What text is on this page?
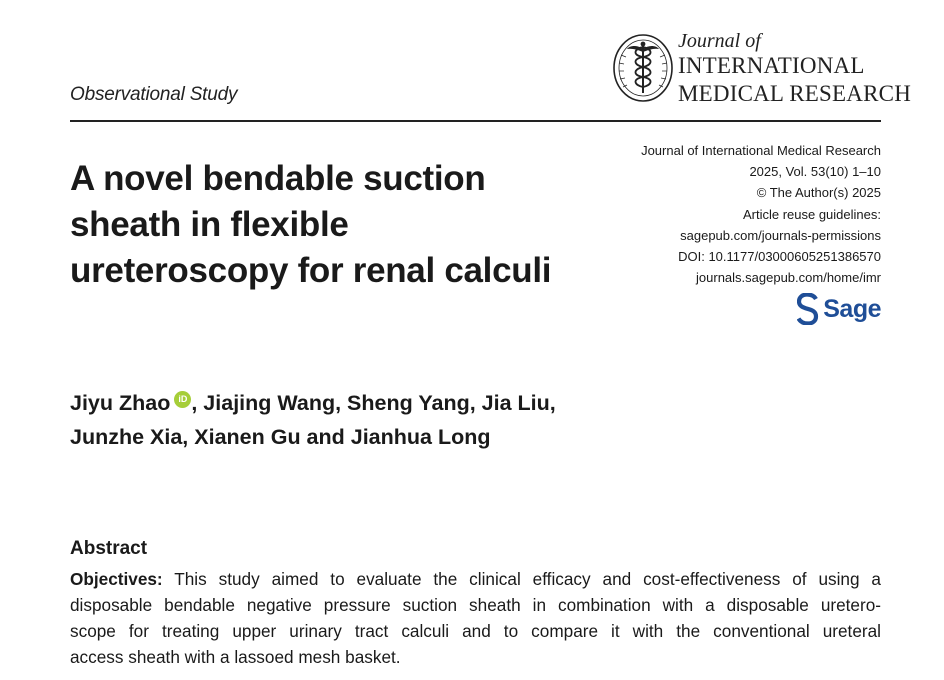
Observational Study
Journal of
INTERNATIONAL
MEDICAL RESEARCH
A novel bendable suction
sheath in flexible
ureteroscopy for renal calculi
Journal of International Medical Research
2025, Vol. 53(10) 1–10
© The Author(s) 2025
Article reuse guidelines:
sagepub.com/journals-permissions
DOI: 10.1177/03000605251386570
journals.sagepub.com/home/imr
Sage
Jiyu Zhao iD , Jiajing Wang, Sheng Yang, Jia Liu,
Junzhe Xia, Xianen Gu and Jianhua Long
Abstract
Objectives: This study aimed to evaluate the clinical efficacy and cost-effectiveness of using a
disposable bendable negative pressure suction sheath in combination with a disposable uretero-
scope for treating upper urinary tract calculi and to compare it with the conventional ureteral
access sheath with a lassoed mesh basket.
